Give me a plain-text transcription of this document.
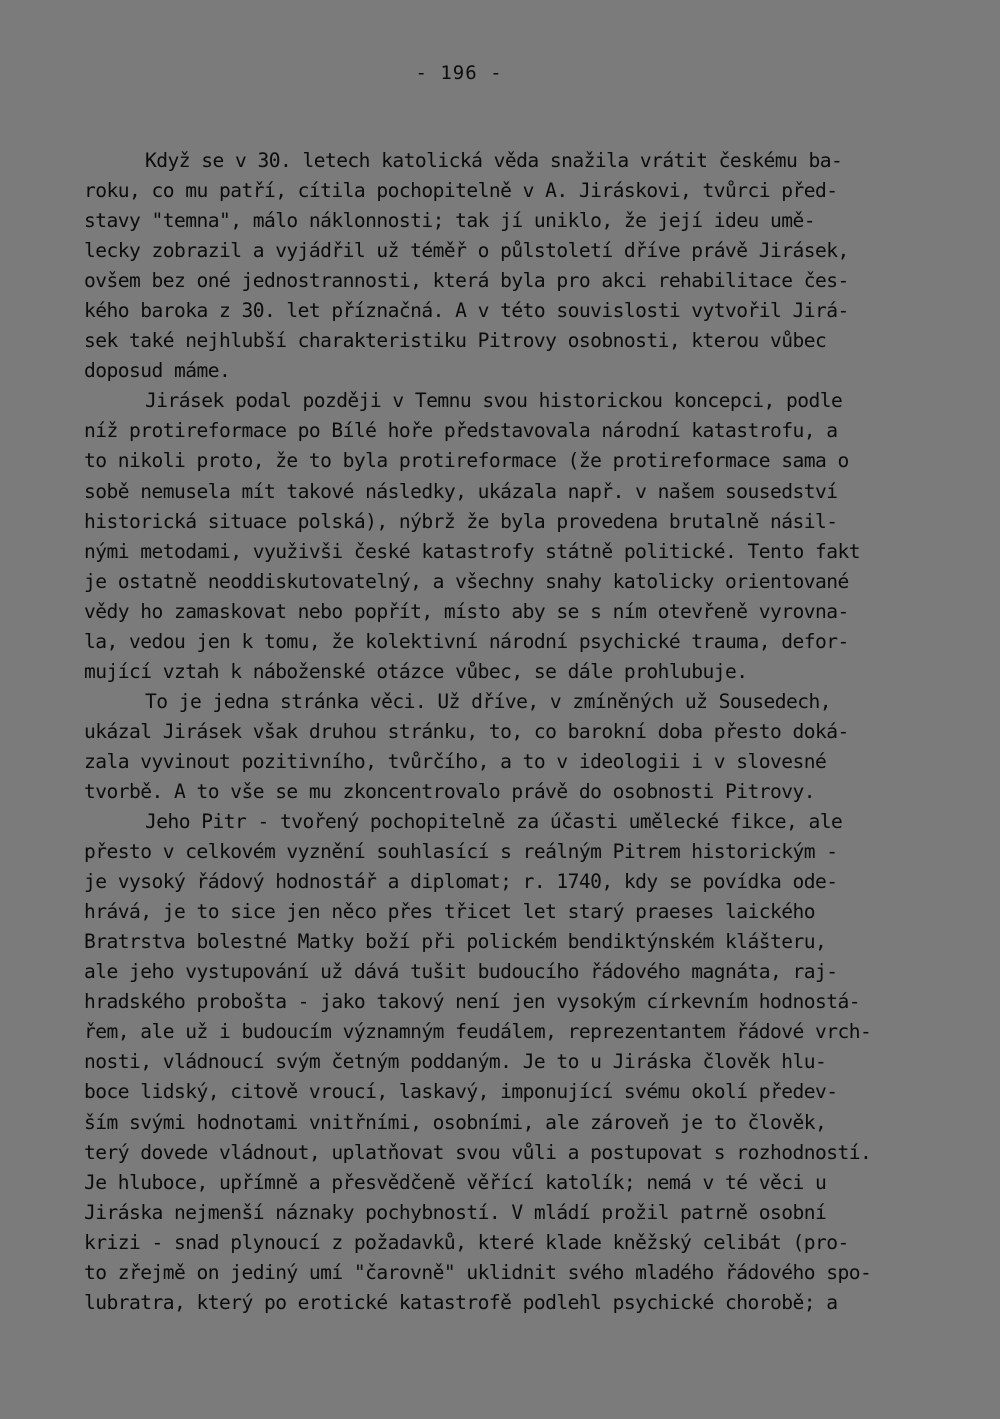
- 196 -
Když se v 30. letech katolická věda snažila vrátit českému ba-
roku, co mu patří, cítila pochopitelně v A. Jiráskovi, tvůrci před-
stavy "temna", málo náklonnosti; tak jí uniklo, že její ideu umě-
lecky zobrazil a vyjádřil už téměř o půlstoletí dříve právě Jirásek,
ovšem bez oné jednostrannosti, která byla pro akci rehabilitace čes-
kého baroka z 30. let příznačná. A v této souvislosti vytvořil Jirá-
sek také nejhlubší charakteristiku Pitrovy osobnosti, kterou vůbec
doposud máme.
Jirásek podal později v Temnu svou historickou koncepci, podle
níž protireformace po Bílé hoře představovala národní katastrofu, a
to nikoli proto, že to byla protireformace (že protireformace sama o
sobě nemusela mít takové následky, ukázala např. v našem sousedství
historická situace polská), nýbrž že byla provedena brutalně násil-
nými metodami, využivši české katastrofy státně politické. Tento fakt
je ostatně neoddiskutovatelný, a všechny snahy katolicky orientované
vědy ho zamaskovat nebo popřít, místo aby se s ním otevřeně vyrovna-
la, vedou jen k tomu, že kolektivní národní psychické trauma, defor-
mující vztah k náboženské otázce vůbec, se dále prohlubuje.
To je jedna stránka věci. Už dříve, v zmíněných už Sousedech,
ukázal Jirásek však druhou stránku, to, co barokní doba přesto doká-
zala vyvinout pozitivního, tvůrčího, a to v ideologii i v slovesné
tvorbě. A to vše se mu zkoncentrovalo právě do osobnosti Pitrovy.
Jeho Pitr - tvořený pochopitelně za účasti umělecké fikce, ale
přesto v celkovém vyznění souhlasící s reálným Pitrem historickým -
je vysoký řádový hodnostář a diplomat; r. 1740, kdy se povídka ode-
hrává, je to sice jen něco přes třicet let starý praeses laického
Bratrstva bolestné Matky boží při polickém bendiktýnském klášteru,
ale jeho vystupování už dává tušit budoucího řádového magnáta, raj-
hradského probošta - jako takový není jen vysokým církevním hodnostá-
řem, ale už i budoucím významným feudálem, reprezentantem řádové vrch-
nosti, vládnoucí svým četným poddaným. Je to u Jiráska člověk hlu-
boce lidský, citově vroucí, laskavý, imponující svému okolí předev-
ším svými hodnotami vnitřními, osobními, ale zároveň je to člověk,
terý dovede vládnout, uplatňovat svou vůli a postupovat s rozhodností.
Je hluboce, upřímně a přesvědčeně věřící katolík; nemá v té věci u
Jiráska nejmenší náznaky pochybností. V mládí prožil patrně osobní
krizi - snad plynoucí z požadavků, které klade kněžský celibát (pro-
to zřejmě on jediný umí "čarovně" uklidnit svého mladého řádového spo-
lubratra, který po erotické katastrofě podlehl psychické chorobě; a
